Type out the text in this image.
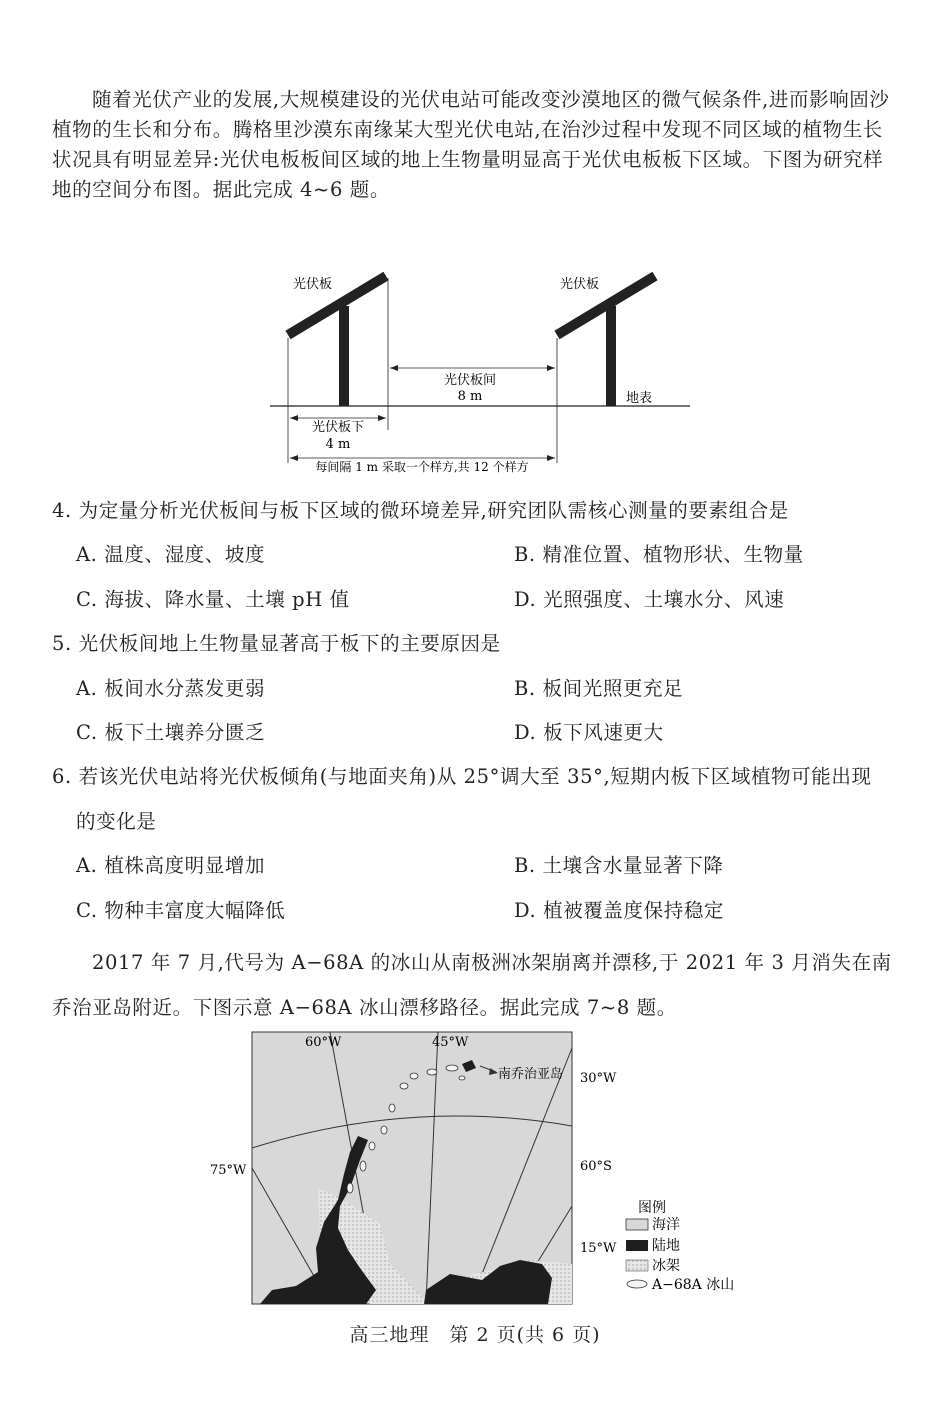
随着光伏产业的发展,大规模建设的光伏电站可能改变沙漠地区的微气候条件,进而影响固沙植物的生长和分布。腾格里沙漠东南缘某大型光伏电站,在治沙过程中发现不同区域的植物生长状况具有明显差异:光伏电板板间区域的地上生物量明显高于光伏电板板下区域。下图为研究样地的空间分布图。据此完成 4~6 题。
光伏板	光伏板
光伏板间
8 m	地表
光伏板下
4 m
每间隔 1 m 采取一个样方,共 12 个样方
4. 为定量分析光伏板间与板下区域的微环境差异,研究团队需核心测量的要素组合是
A. 温度、湿度、坡度	B. 精准位置、植物形状、生物量
C. 海拔、降水量、土壤 pH 值	D. 光照强度、土壤水分、风速
5. 光伏板间地上生物量显著高于板下的主要原因是
A. 板间水分蒸发更弱	B. 板间光照更充足
C. 板下土壤养分匮乏	D. 板下风速更大
6. 若该光伏电站将光伏板倾角(与地面夹角)从 25°调大至 35°,短期内板下区域植物可能出现
的变化是
A. 植株高度明显增加	B. 土壤含水量显著下降
C. 物种丰富度大幅降低	D. 植被覆盖度保持稳定
2017 年 7 月,代号为 A−68A 的冰山从南极洲冰架崩离并漂移,于 2021 年 3 月消失在南乔治亚岛附近。下图示意 A−68A 冰山漂移路径。据此完成 7~8 题。
南乔治亚岛
60°W	45°W
30°W
75°W	60°S
15°W
图例
海洋
陆地
冰架
A−68A 冰山
高三地理　第 2 页(共 6 页)
